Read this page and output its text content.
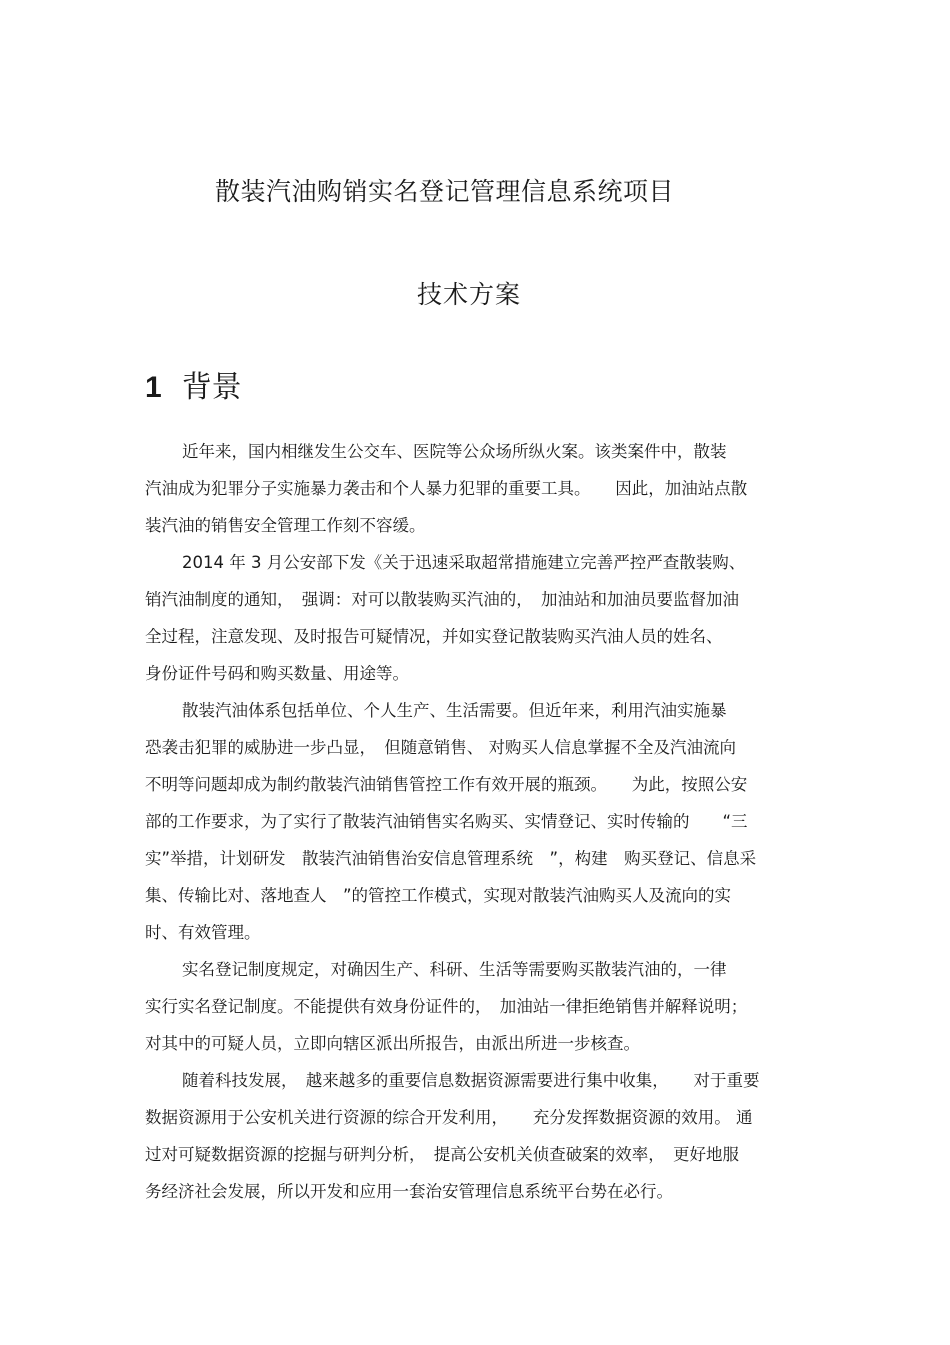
散装汽油购销实名登记管理信息系统项目
技术方案
1 背景
近年来，国内相继发生公交车、医院等公众场所纵火案。该类案件中，散装
汽油成为犯罪分子实施暴力袭击和个人暴力犯罪的重要工具。　　因此，加油站点散
装汽油的销售安全管理工作刻不容缓。
2014 年 3 月公安部下发《关于迅速采取超常措施建立完善严控严查散装购、
销汽油制度的通知，　强调：对可以散装购买汽油的，　加油站和加油员要监督加油
全过程，注意发现、及时报告可疑情况，并如实登记散装购买汽油人员的姓名、
身份证件号码和购买数量、用途等。
散装汽油体系包括单位、个人生产、生活需要。但近年来，利用汽油实施暴
恐袭击犯罪的威胁进一步凸显，　但随意销售、 对购买人信息掌握不全及汽油流向
不明等问题却成为制约散装汽油销售管控工作有效开展的瓶颈。　　为此，按照公安
部的工作要求，为了实行了散装汽油销售实名购买、实情登记、实时传输的　　“三
实”举措，计划研发　散装汽油销售治安信息管理系统　”，构建　购买登记、信息采
集、传输比对、落地查人　”的管控工作模式，实现对散装汽油购买人及流向的实
时、有效管理。
实名登记制度规定，对确因生产、科研、生活等需要购买散装汽油的，一律
实行实名登记制度。不能提供有效身份证件的，　加油站一律拒绝销售并解释说明；
对其中的可疑人员，立即向辖区派出所报告，由派出所进一步核查。
随着科技发展，　越来越多的重要信息数据资源需要进行集中收集，　　对于重要
数据资源用于公安机关进行资源的综合开发利用，　　充分发挥数据资源的效用。 通
过对可疑数据资源的挖掘与研判分析，　提高公安机关侦查破案的效率，　更好地服
务经济社会发展，所以开发和应用一套治安管理信息系统平台势在必行。
